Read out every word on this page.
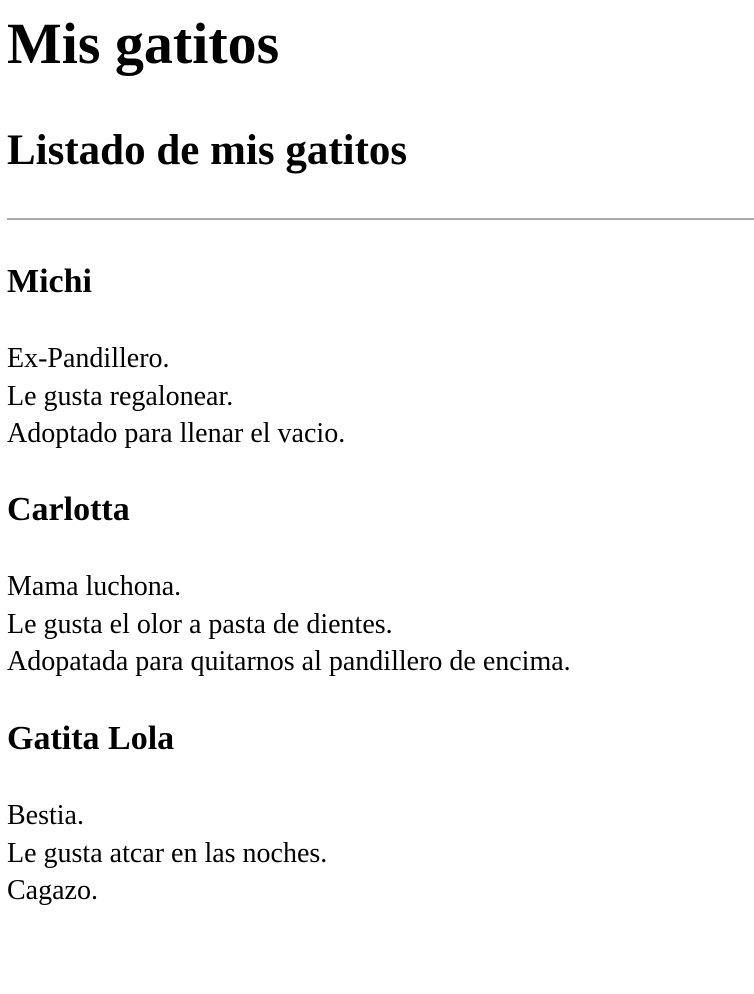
Mis gatitos
Listado de mis gatitos
Michi

Ex-Pandillero.
Le gusta regalonear.
Adoptado para llenar el vacio.

Carlotta

Mama luchona.
Le gusta el olor a pasta de dientes.
Adopatada para quitarnos al pandillero de encima.

Gatita Lola

Bestia.
Le gusta atcar en las noches.
Cagazo.
